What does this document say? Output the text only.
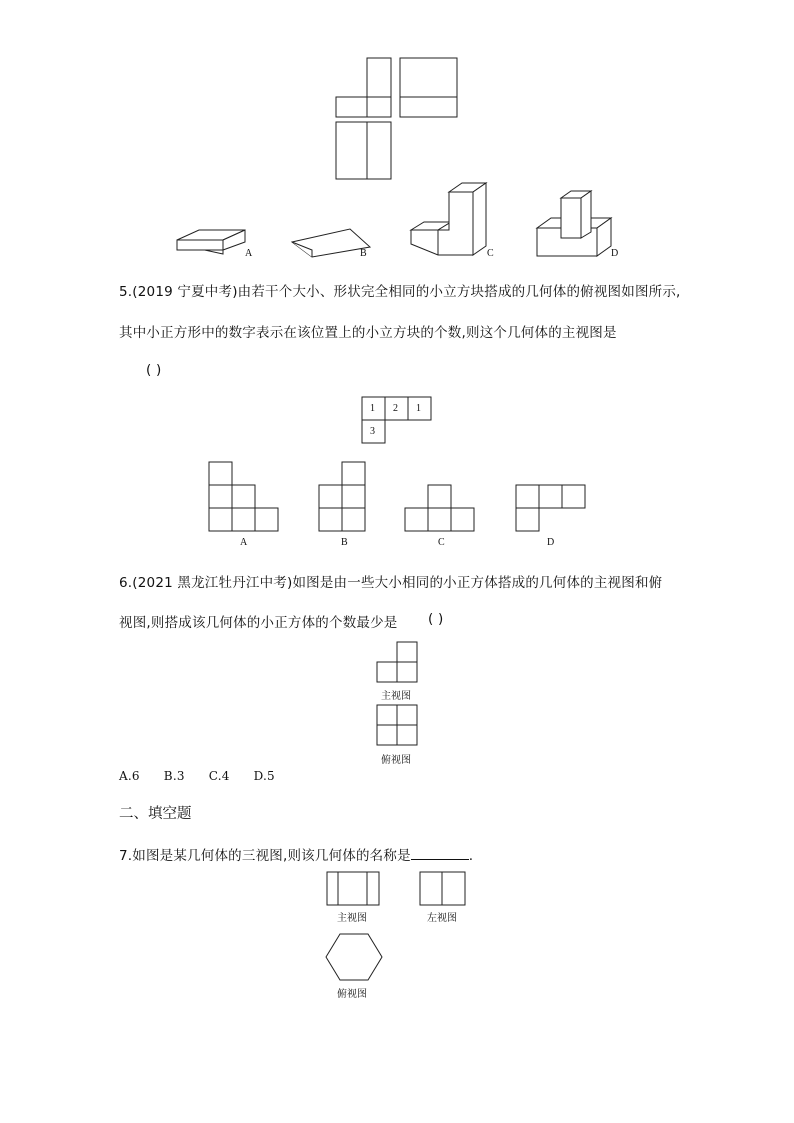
A	B	C	D
5.(2019 宁夏中考)由若干个大小、形状完全相同的小立方块搭成的几何体的俯视图如图所示,
其中小正方形中的数字表示在该位置上的小立方块的个数,则这个几何体的主视图是
( )
1 2 1
3
A	B	C	D
6.(2021 黑龙江牡丹江中考)如图是由一些大小相同的小正方体搭成的几何体的主视图和俯
视图,则搭成该几何体的小正方体的个数最少是 ( )
主视图
俯视图
A.6      B.3      C.4      D.5
二、填空题
7.如图是某几何体的三视图,则该几何体的名称是	.
主视图	左视图
俯视图
